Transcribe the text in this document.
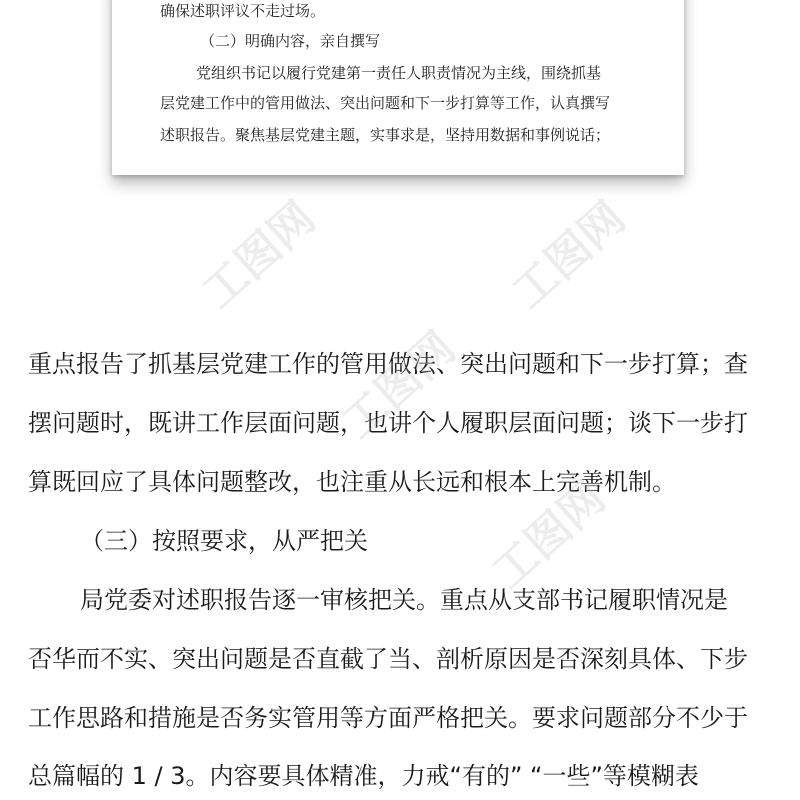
确保述职评议不走过场。

（二）明确内容，亲自撰写

党组织书记以履行党建第一责任人职责情况为主线，围绕抓基

层党建工作中的管用做法、突出问题和下一步打算等工作，认真撰写

述职报告。聚焦基层党建主题，实事求是，坚持用数据和事例说话；

重点报告了抓基层党建工作的管用做法、突出问题和下一步打算；查

摆问题时，既讲工作层面问题，也讲个人履职层面问题；谈下一步打

算既回应了具体问题整改，也注重从长远和根本上完善机制。

（三）按照要求，从严把关

局党委对述职报告逐一审核把关。重点从支部书记履职情况是

否华而不实、突出问题是否直截了当、剖析原因是否深刻具体、下步

工作思路和措施是否务实管用等方面严格把关。要求问题部分不少于

总篇幅的 1 / 3。内容要具体精准，力戒“有的” “一些”等模糊表

工图网	工图网
工图网
工图网
